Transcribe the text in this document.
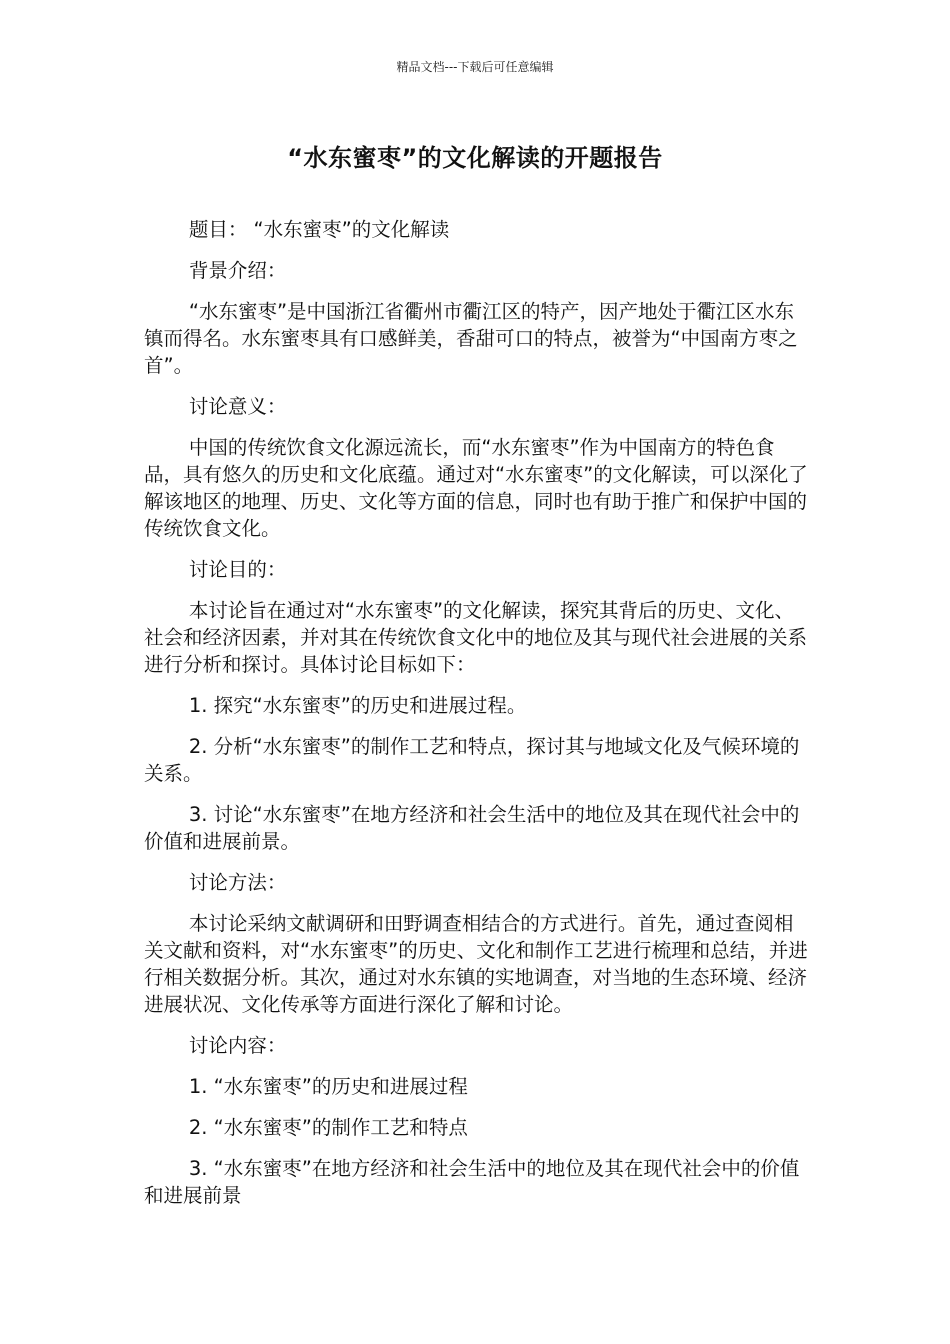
精品文档---下载后可任意编辑
“水东蜜枣”的文化解读的开题报告

题目： “水东蜜枣”的文化解读

背景介绍：

“水东蜜枣”是中国浙江省衢州市衢江区的特产，因产地处于衢江区水东镇而得名。水东蜜枣具有口感鲜美，香甜可口的特点，被誉为“中国南方枣之首”。

讨论意义：

中国的传统饮食文化源远流长，而“水东蜜枣”作为中国南方的特色食品，具有悠久的历史和文化底蕴。通过对“水东蜜枣”的文化解读，可以深化了解该地区的地理、历史、文化等方面的信息，同时也有助于推广和保护中国的传统饮食文化。

讨论目的：

本讨论旨在通过对“水东蜜枣”的文化解读，探究其背后的历史、文化、社会和经济因素，并对其在传统饮食文化中的地位及其与现代社会进展的关系进行分析和探讨。具体讨论目标如下：

1. 探究“水东蜜枣”的历史和进展过程。

2. 分析“水东蜜枣”的制作工艺和特点，探讨其与地域文化及气候环境的关系。

3. 讨论“水东蜜枣”在地方经济和社会生活中的地位及其在现代社会中的价值和进展前景。

讨论方法：

本讨论采纳文献调研和田野调查相结合的方式进行。首先，通过查阅相关文献和资料，对“水东蜜枣”的历史、文化和制作工艺进行梳理和总结，并进行相关数据分析。其次，通过对水东镇的实地调查，对当地的生态环境、经济进展状况、文化传承等方面进行深化了解和讨论。

讨论内容：

1. “水东蜜枣”的历史和进展过程

2. “水东蜜枣”的制作工艺和特点

3. “水东蜜枣”在地方经济和社会生活中的地位及其在现代社会中的价值和进展前景
